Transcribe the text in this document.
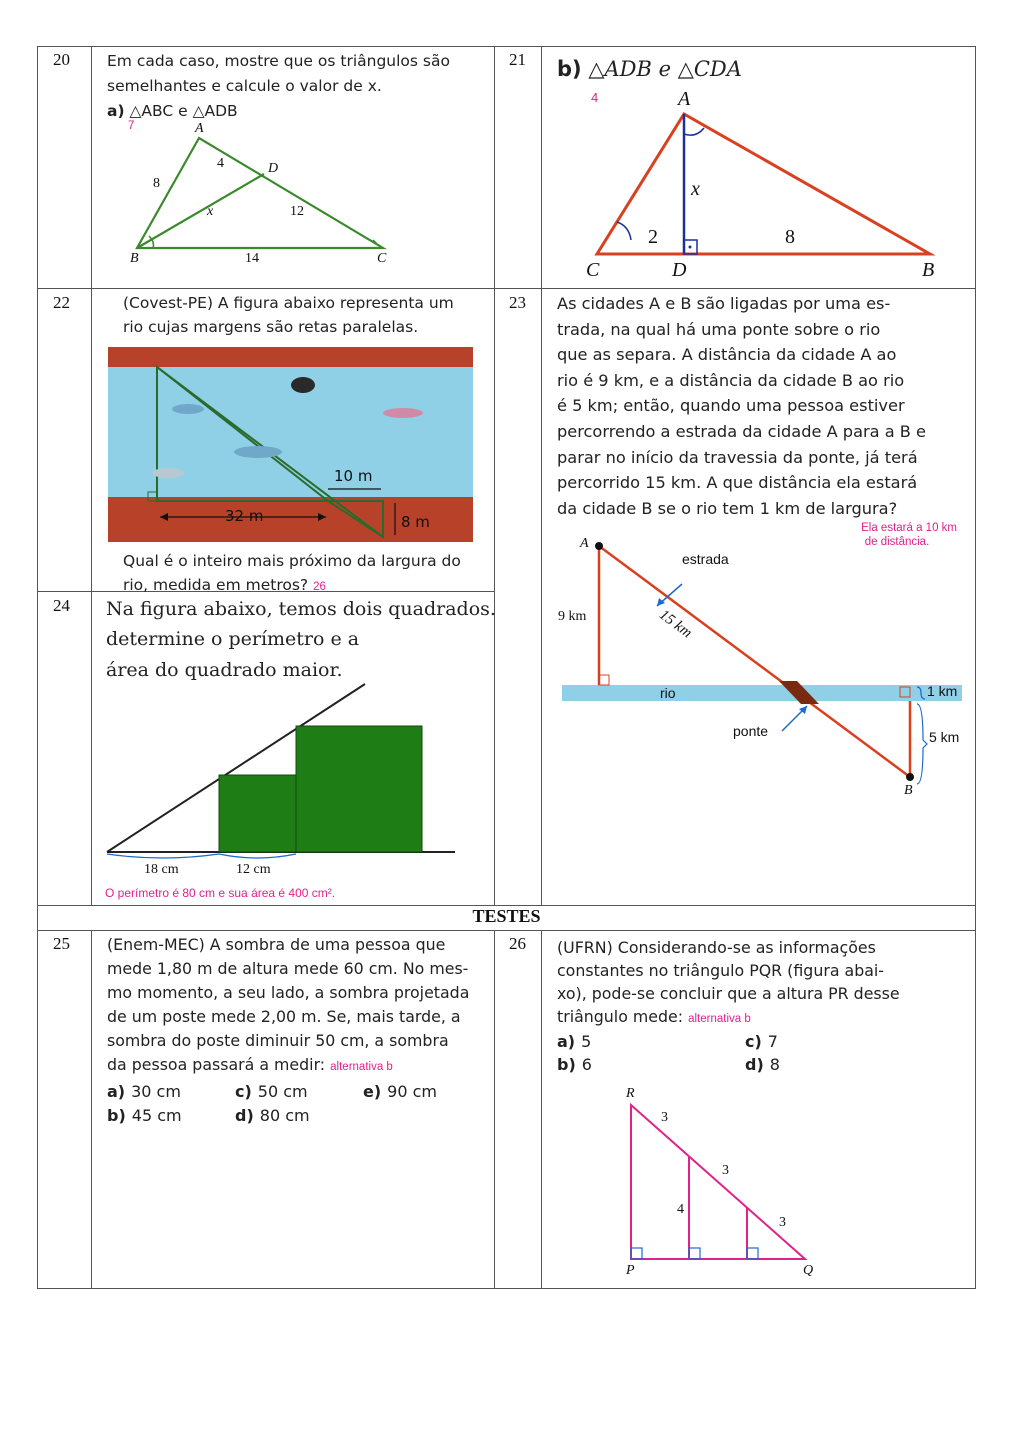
20 Em cada caso, mostre que os triângulos são
semelhantes e calcule o valor de x.
a) △ABC e △ADB
7	A
B	C
D
8
4
12
14
x
21 b) △ADB e △CDA
4	A
C	D	B
x
2	8
22	(Covest-PE) A figura abaixo representa um
rio cujas margens são retas paralelas.
10 m
32 m	8 m
Qual é o inteiro mais próximo da largura do
rio, medida em metros? 26
23 As cidades A e B são ligadas por uma es-
trada, na qual há uma ponte sobre o rio
que as separa. A distância da cidade A ao
rio é 9 km, e a distância da cidade B ao rio
é 5 km; então, quando uma pessoa estiver
percorrendo a estrada da cidade A para a B e
parar no início da travessia da ponte, já terá
percorrido 15 km. A que distância ela estará
da cidade B se o rio tem 1 km de largura?
Ela estará a 10 km
de distância.
A
B
estrada
9 km	15 km
rio
ponte
1 km
5 km
24 Na figura abaixo, temos dois quadrados.
determine o perímetro e a
área do quadrado maior.
18 cm	12 cm
O perímetro é 80 cm e sua área é 400 cm².
TESTES
25 (Enem-MEC) A sombra de uma pessoa que
mede 1,80 m de altura mede 60 cm. No mes-
mo momento, a seu lado, a sombra projetada
de um poste mede 2,00 m. Se, mais tarde, a
sombra do poste diminuir 50 cm, a sombra
da pessoa passará a medir: alternativa b
a) 30 cm
b) 45 cm
c) 50 cm
d) 80 cm
e) 90 cm
26 (UFRN) Considerando-se as informações
constantes no triângulo PQR (figura abai-
xo), pode-se concluir que a altura PR desse
triângulo mede: alternativa b
a) 5
b) 6
c) 7
d) 8
R
P	Q
3
3
3
4
